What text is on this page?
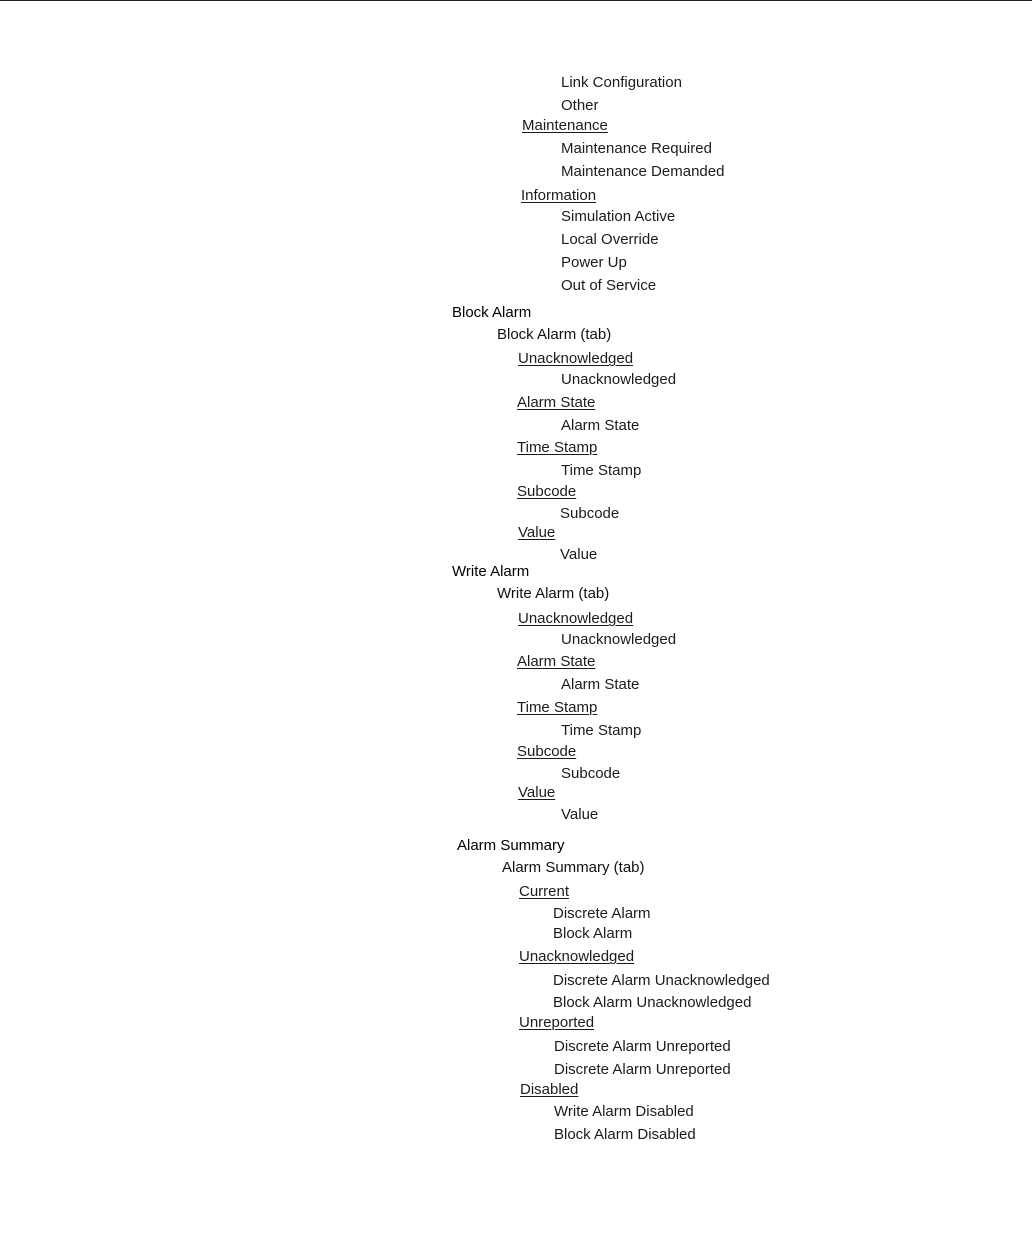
Link Configuration
Other
Maintenance
Maintenance Required
Maintenance Demanded
Information
Simulation Active
Local Override
Power Up
Out of Service
Block Alarm
Block Alarm (tab)
Unacknowledged
Unacknowledged
Alarm State
Alarm State
Time Stamp
Time Stamp
Subcode
Subcode
Value
Value
Write Alarm
Write Alarm (tab)
Unacknowledged
Unacknowledged
Alarm State
Alarm State
Time Stamp
Time Stamp
Subcode
Subcode
Value
Value
Alarm Summary
Alarm Summary (tab)
Current
Discrete Alarm
Block Alarm
Unacknowledged
Discrete Alarm Unacknowledged
Block Alarm Unacknowledged
Unreported
Discrete Alarm Unreported
Discrete Alarm Unreported
Disabled
Write Alarm Disabled
Block Alarm Disabled
